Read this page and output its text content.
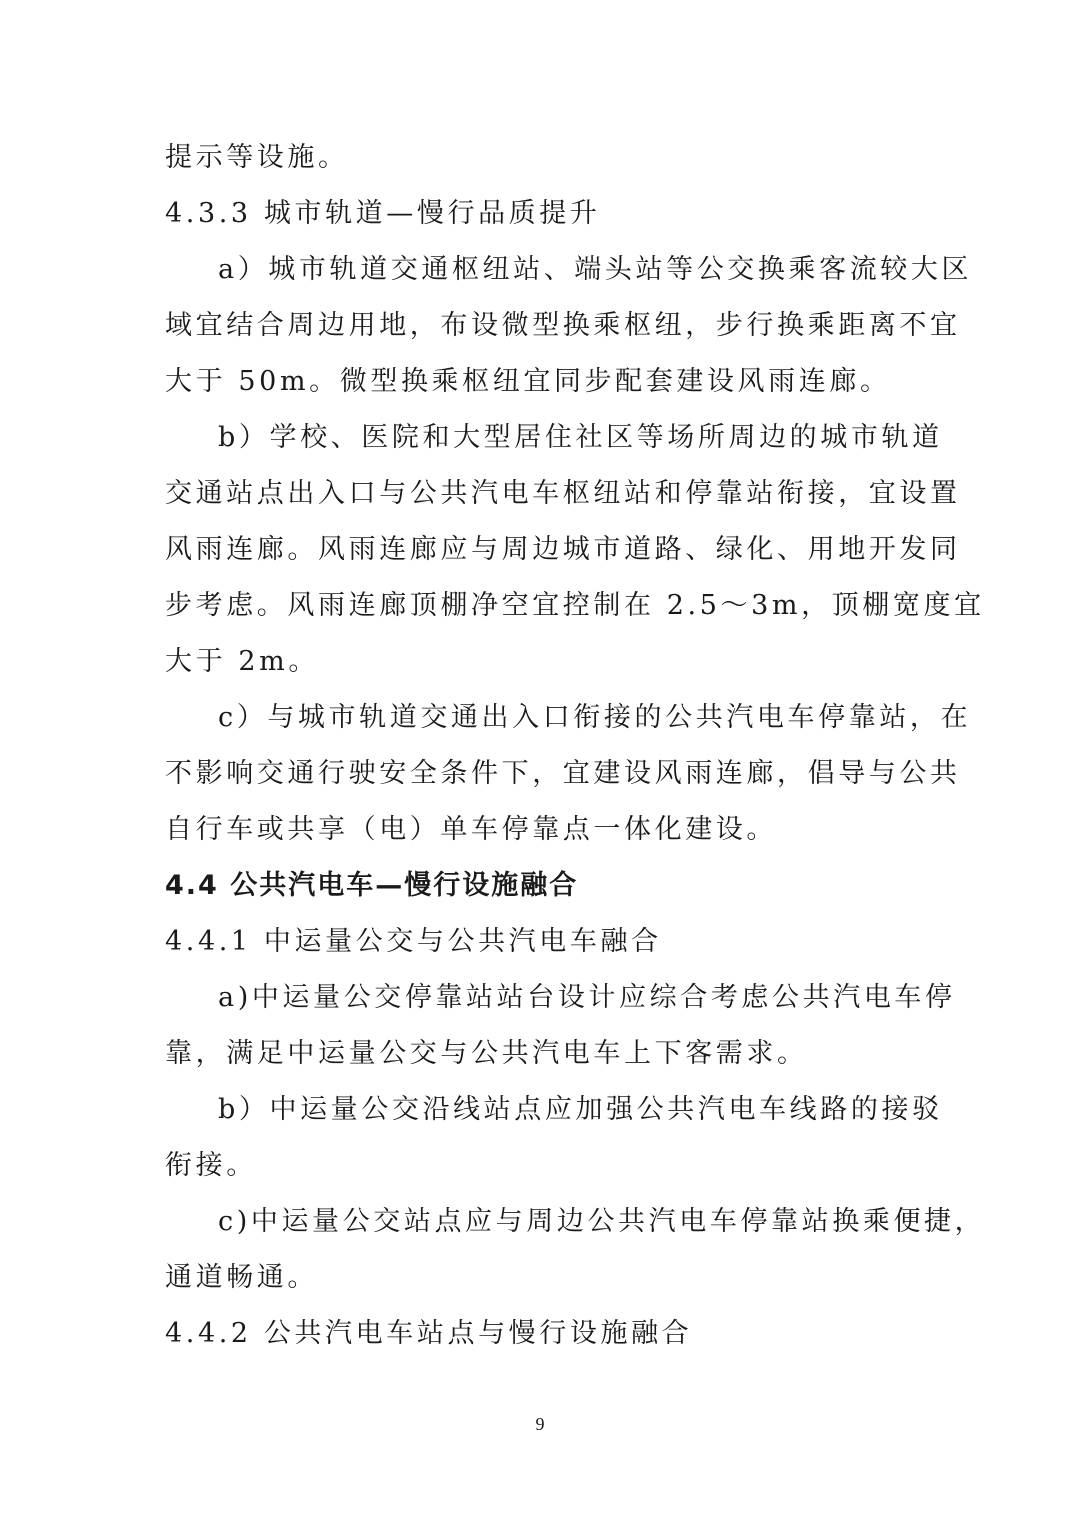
提示等设施。
4.3.3 城市轨道—慢行品质提升
a）城市轨道交通枢纽站、端头站等公交换乘客流较大区
域宜结合周边用地，布设微型换乘枢纽，步行换乘距离不宜
大于 50m。微型换乘枢纽宜同步配套建设风雨连廊。
b）学校、医院和大型居住社区等场所周边的城市轨道
交通站点出入口与公共汽电车枢纽站和停靠站衔接，宜设置
风雨连廊。风雨连廊应与周边城市道路、绿化、用地开发同
步考虑。风雨连廊顶棚净空宜控制在 2.5～3m，顶棚宽度宜
大于 2m。
c）与城市轨道交通出入口衔接的公共汽电车停靠站，在
不影响交通行驶安全条件下，宜建设风雨连廊，倡导与公共
自行车或共享（电）单车停靠点一体化建设。
4.4 公共汽电车—慢行设施融合
4.4.1 中运量公交与公共汽电车融合
a)中运量公交停靠站站台设计应综合考虑公共汽电车停
靠，满足中运量公交与公共汽电车上下客需求。
b）中运量公交沿线站点应加强公共汽电车线路的接驳
衔接。
c)中运量公交站点应与周边公共汽电车停靠站换乘便捷，
通道畅通。
4.4.2 公共汽电车站点与慢行设施融合
9
